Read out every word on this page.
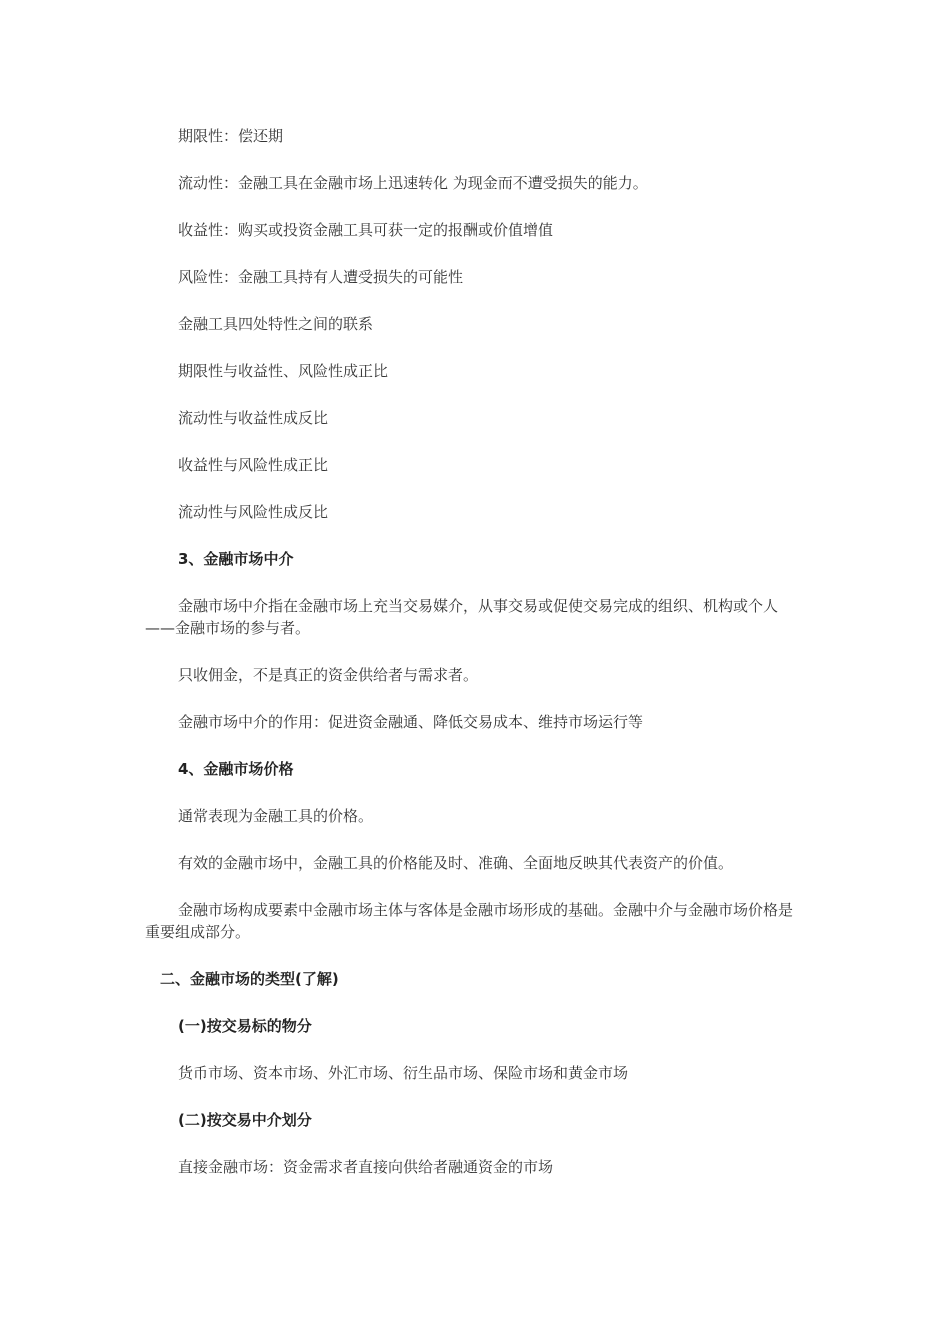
期限性：偿还期

流动性：金融工具在金融市场上迅速转化 为现金而不遭受损失的能力。

收益性：购买或投资金融工具可获一定的报酬或价值增值

风险性：金融工具持有人遭受损失的可能性

金融工具四处特性之间的联系

期限性与收益性、风险性成正比

流动性与收益性成反比

收益性与风险性成正比

流动性与风险性成反比

3、金融市场中介

金融市场中介指在金融市场上充当交易媒介，从事交易或促使交易完成的组织、机构或个人——金融市场的参与者。

只收佣金，不是真正的资金供给者与需求者。

金融市场中介的作用：促进资金融通、降低交易成本、维持市场运行等

4、金融市场价格

通常表现为金融工具的价格。

有效的金融市场中，金融工具的价格能及时、准确、全面地反映其代表资产的价值。

金融市场构成要素中金融市场主体与客体是金融市场形成的基础。金融中介与金融市场价格是重要组成部分。

二、金融市场的类型(了解)

(一)按交易标的物分

货币市场、资本市场、外汇市场、衍生品市场、保险市场和黄金市场

(二)按交易中介划分

直接金融市场：资金需求者直接向供给者融通资金的市场
